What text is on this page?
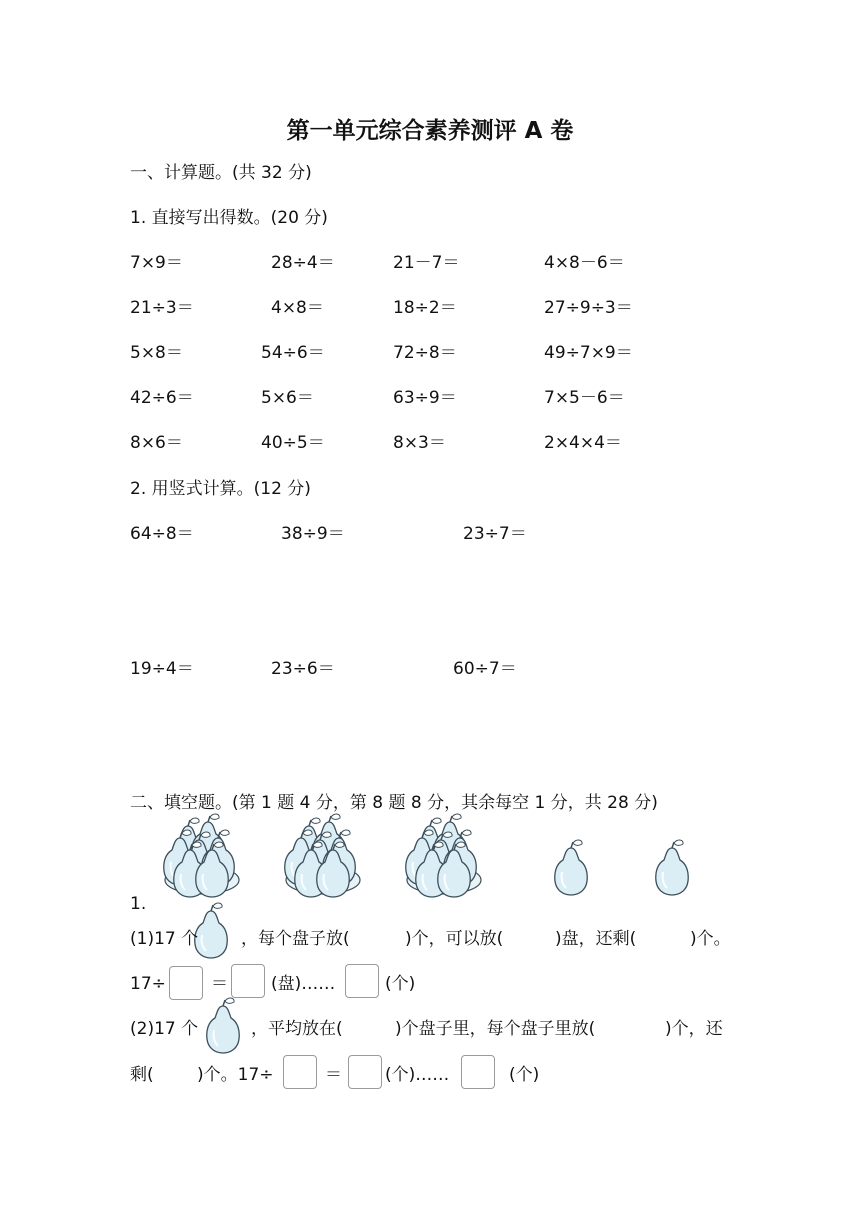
第一单元综合素养测评 A 卷
一、计算题。(共 32 分)
1. 直接写出得数。(20 分)
7×9＝	28÷4＝	21－7＝	4×8－6＝
21÷3＝	4×8＝	18÷2＝	27÷9÷3＝
5×8＝	54÷6＝	72÷8＝	49÷7×9＝
42÷6＝	5×6＝	63÷9＝	7×5－6＝
8×6＝	40÷5＝	8×3＝	2×4×4＝
2. 用竖式计算。(12 分)
64÷8＝	38÷9＝	23÷7＝
19÷4＝	23÷6＝	60÷7＝
二、填空题。(第 1 题 4 分，第 8 题 8 分，其余每空 1 分，共 28 分)
1.
(1)17 个	，每个盘子放(	)个，可以放(	)盘，还剩(	)个。
17÷	＝	(盘)……	(个)
(2)17 个	，平均放在(	)个盘子里，每个盘子里放(	)个，还
剩(	)个。17÷	＝	(个)……	(个)
